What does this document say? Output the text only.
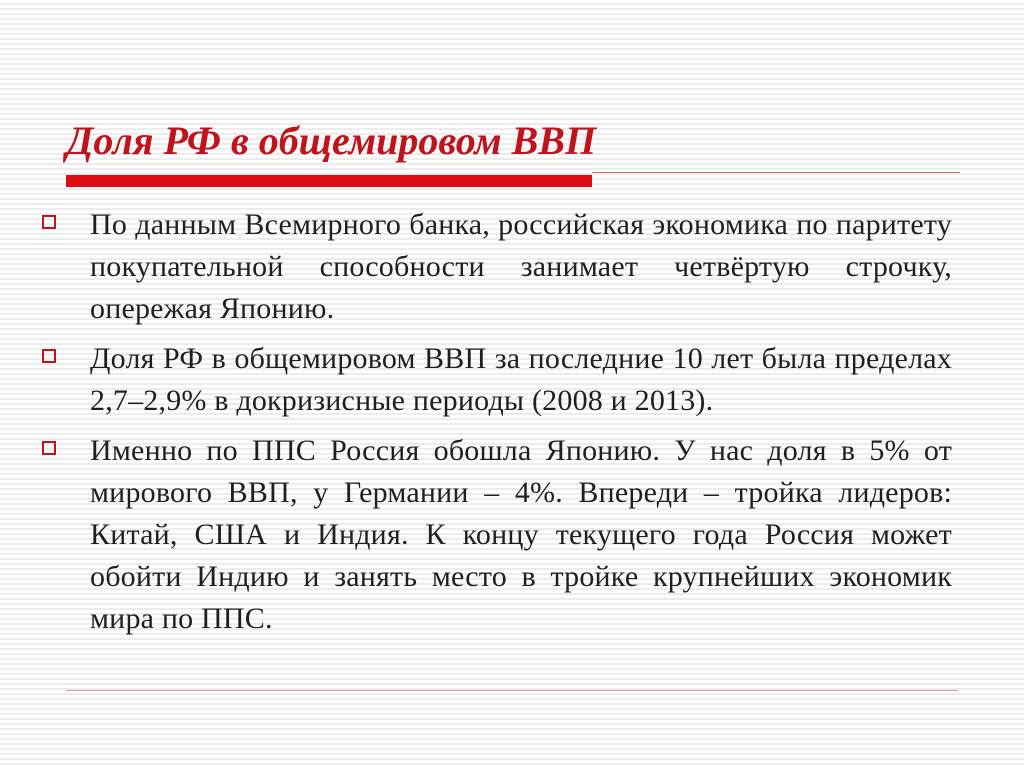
Доля РФ в общемировом ВВП
По данным Всемирного банка, российская экономика по паритету покупательной способности занимает четвёртую строчку, опережая Японию.
Доля РФ в общемировом ВВП за последние 10 лет была пределах 2,7–2,9% в докризисные периоды (2008 и 2013).
Именно по ППС Россия обошла Японию. У нас доля в 5% от мирового ВВП, у Германии – 4%. Впереди – тройка лидеров: Китай, США и Индия. К концу текущего года Россия может обойти Индию и занять место в тройке крупнейших экономик мира по ППС.
